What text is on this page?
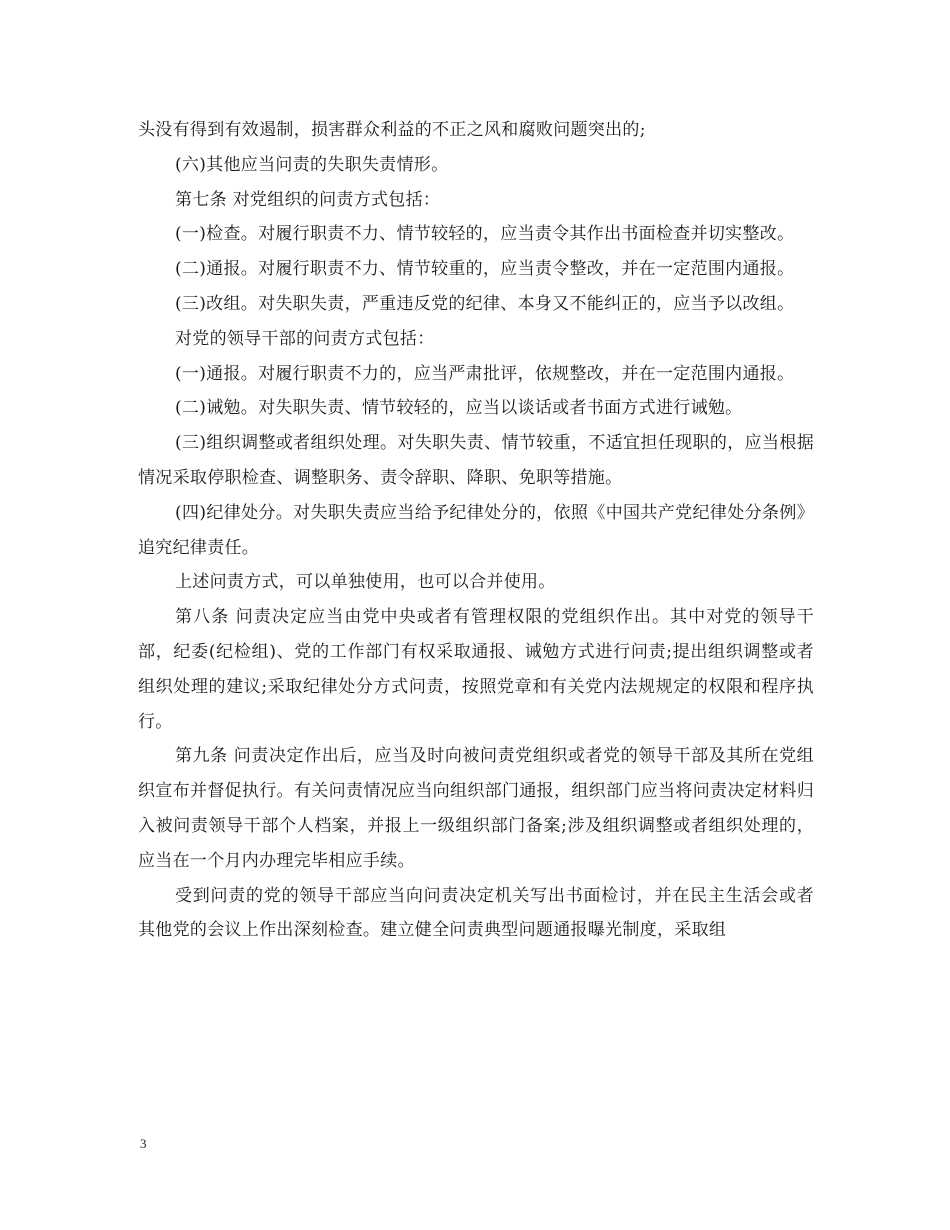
头没有得到有效遏制，损害群众利益的不正之风和腐败问题突出的;

(六)其他应当问责的失职失责情形。

第七条 对党组织的问责方式包括：

(一)检查。对履行职责不力、情节较轻的，应当责令其作出书面检查并切实整改。

(二)通报。对履行职责不力、情节较重的，应当责令整改，并在一定范围内通报。

(三)改组。对失职失责，严重违反党的纪律、本身又不能纠正的，应当予以改组。

对党的领导干部的问责方式包括：

(一)通报。对履行职责不力的，应当严肃批评，依规整改，并在一定范围内通报。

(二)诫勉。对失职失责、情节较轻的，应当以谈话或者书面方式进行诫勉。

(三)组织调整或者组织处理。对失职失责、情节较重，不适宜担任现职的，应当根据情况采取停职检查、调整职务、责令辞职、降职、免职等措施。

(四)纪律处分。对失职失责应当给予纪律处分的，依照《中国共产党纪律处分条例》追究纪律责任。

上述问责方式，可以单独使用，也可以合并使用。

第八条 问责决定应当由党中央或者有管理权限的党组织作出。其中对党的领导干部，纪委(纪检组)、党的工作部门有权采取通报、诫勉方式进行问责;提出组织调整或者组织处理的建议;采取纪律处分方式问责，按照党章和有关党内法规规定的权限和程序执行。

第九条 问责决定作出后，应当及时向被问责党组织或者党的领导干部及其所在党组织宣布并督促执行。有关问责情况应当向组织部门通报，组织部门应当将问责决定材料归入被问责领导干部个人档案，并报上一级组织部门备案;涉及组织调整或者组织处理的，应当在一个月内办理完毕相应手续。

受到问责的党的领导干部应当向问责决定机关写出书面检讨，并在民主生活会或者其他党的会议上作出深刻检查。建立健全问责典型问题通报曝光制度，采取组

3
